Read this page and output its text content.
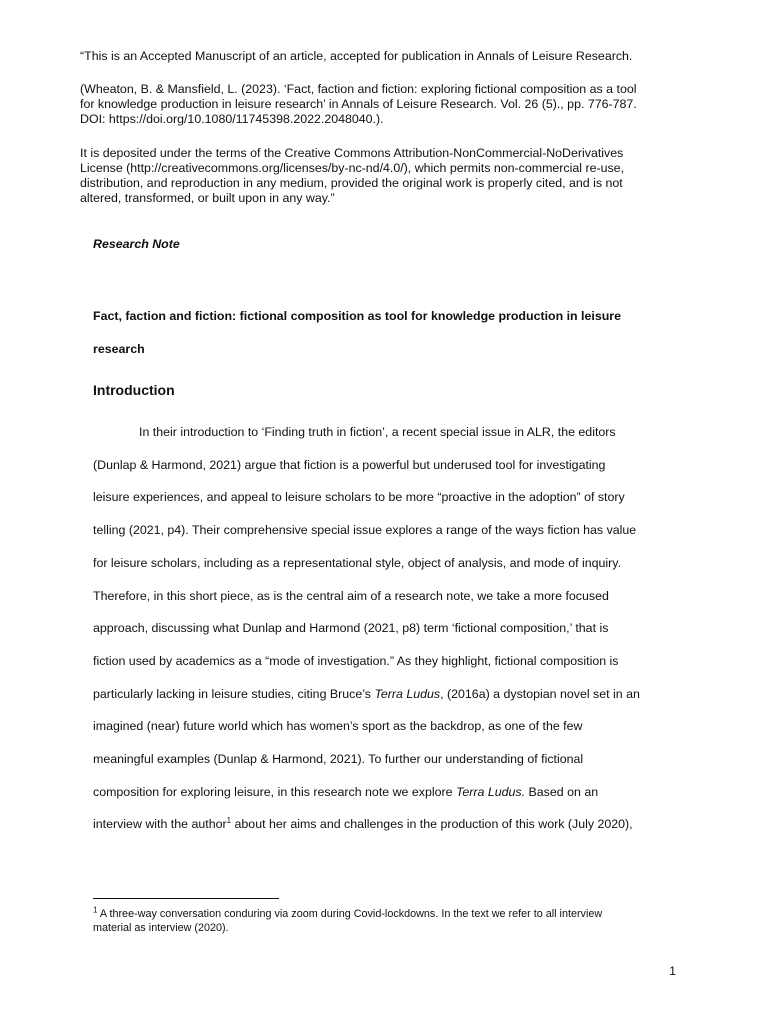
“This is an Accepted Manuscript of an article, accepted for publication in Annals of Leisure Research.

(Wheaton, B. & Mansfield, L. (2023). ‘Fact, faction and fiction: exploring fictional composition as a tool

for knowledge production in leisure research’ in Annals of Leisure Research. Vol. 26 (5)., pp. 776-787.

DOI: https://doi.org/10.1080/11745398.2022.2048040.).

It is deposited under the terms of the Creative Commons Attribution-NonCommercial-NoDerivatives

License (http://creativecommons.org/licenses/by-nc-nd/4.0/), which permits non-commercial re-use,

distribution, and reproduction in any medium, provided the original work is properly cited, and is not

altered, transformed, or built upon in any way.”

Research Note
Fact, faction and fiction: fictional composition as tool for knowledge production in leisure
research
Introduction
In their introduction to ‘Finding truth in fiction’, a recent special issue in ALR, the editors
(Dunlap & Harmond, 2021) argue that fiction is a powerful but underused tool for investigating
leisure experiences, and appeal to leisure scholars to be more “proactive in the adoption” of story
telling (2021, p4). Their comprehensive special issue explores a range of the ways fiction has value
for leisure scholars, including as a representational style, object of analysis, and mode of inquiry.
Therefore, in this short piece, as is the central aim of a research note, we take a more focused
approach, discussing what Dunlap and Harmond (2021, p8) term ‘fictional composition,’ that is
fiction used by academics as a “mode of investigation.” As they highlight, fictional composition is
particularly lacking in leisure studies, citing Bruce’s Terra Ludus, (2016a) a dystopian novel set in an
imagined (near) future world which has women’s sport as the backdrop, as one of the few
meaningful examples (Dunlap & Harmond, 2021). To further our understanding of fictional
composition for exploring leisure, in this research note we explore Terra Ludus. Based on an
interview with the author$^1$ about her aims and challenges in the production of this work (July 2020),
$^1$ A three-way conversation conduring via zoom during Covid-lockdowns. In the text we refer to all interview
material as interview (2020).
1
